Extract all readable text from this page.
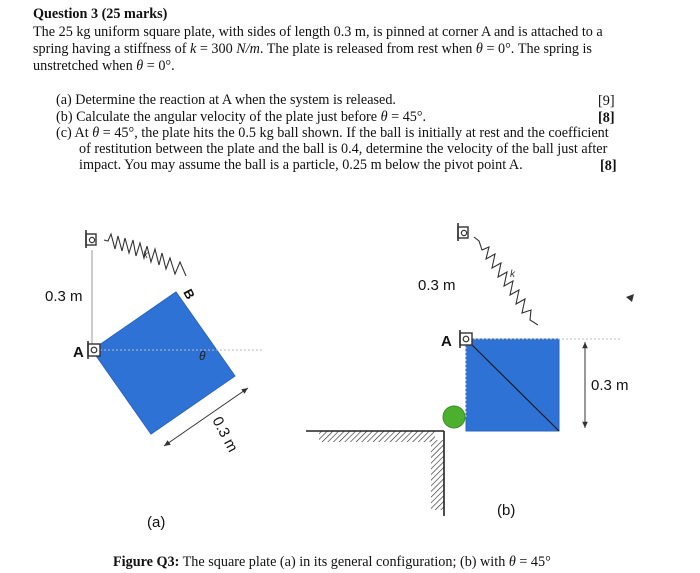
Question 3 (25 marks)
The 25 kg uniform square plate, with sides of length 0.3 m, is pinned at corner A and is attached to a
spring having a stiffness of k = 300 N/m. The plate is released from rest when θ = 0°. The spring is
unstretched when θ = 0°.
(a) Determine the reaction at A when the system is released.	[9]
(b) Calculate the angular velocity of the plate just before θ = 45°.	[8]
(c) At θ = 45°, the plate hits the 0.5 kg ball shown. If the ball is initially at rest and the coefficient
of restitution between the plate and the ball is 0.4, determine the velocity of the ball just after
impact. You may assume the ball is a particle, 0.25 m below the pivot point A.	[8]
k
0.3 m
θ
A
B
0.3 m
(a)
k
0.3 m
A
0.3 m
(b)
Figure Q3: The square plate (a) in its general configuration; (b) with θ = 45°
